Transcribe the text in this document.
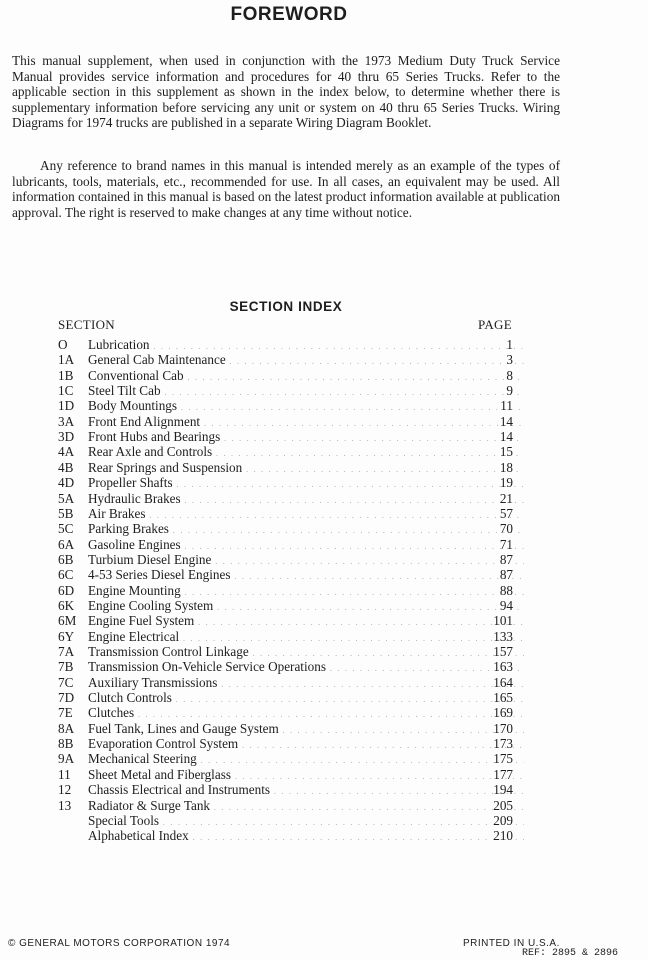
FOREWORD

This manual supplement, when used in conjunction with the 1973 Medium Duty Truck Service Manual provides service information and procedures for 40 thru 65 Series Trucks. Refer to the applicable section in this supplement as shown in the index below, to determine whether there is supplementary information before servicing any unit or system on 40 thru 65 Series Trucks. Wiring Diagrams for 1974 trucks are published in a separate Wiring Diagram Booklet.

Any reference to brand names in this manual is intended merely as an example of the types of lubricants, tools, materials, etc., recommended for use. In all cases, an equivalent may be used. All information contained in this manual is based on the latest product information available at publication approval. The right is reserved to make changes at any time without notice.

SECTION INDEX
SECTION	PAGE
O Lubrication . . .	1
1A General Cab Maintenance . . .	3
1B Conventional Cab . . .	8
1C Steel Tilt Cab . . .	9
1D Body Mountings . . .	11
3A Front End Alignment . . .	14
3D Front Hubs and Bearings . . .	14
4A Rear Axle and Controls . . .	15
4B Rear Springs and Suspension . . .	18
4D Propeller Shafts . . .	19
5A Hydraulic Brakes . . .	21
5B Air Brakes . . .	57
5C Parking Brakes . . .	70
6A Gasoline Engines . . .	71
6B Turbium Diesel Engine . . .	87
6C 4-53 Series Diesel Engines . . .	87
6D Engine Mounting . . .	88
6K Engine Cooling System . . .	94
6M Engine Fuel System . . .	101
6Y Engine Electrical . . .	133
7A Transmission Control Linkage . . .	157
7B Transmission On-Vehicle Service Operations . . .	163
7C Auxiliary Transmissions . . .	164
7D Clutch Controls . . .	165
7E Clutches . . .	169
8A Fuel Tank, Lines and Gauge System . . .	170
8B Evaporation Control System . . .	173
9A Mechanical Steering . . .	175
11 Sheet Metal and Fiberglass . . .	177
12 Chassis Electrical and Instruments . . .	194
13 Radiator & Surge Tank . . .	205
Special Tools . . .	209
Alphabetical Index . . .	210
© GENERAL MOTORS CORPORATION 1974	PRINTED IN U.S.A.
REF: 2895 & 2896
